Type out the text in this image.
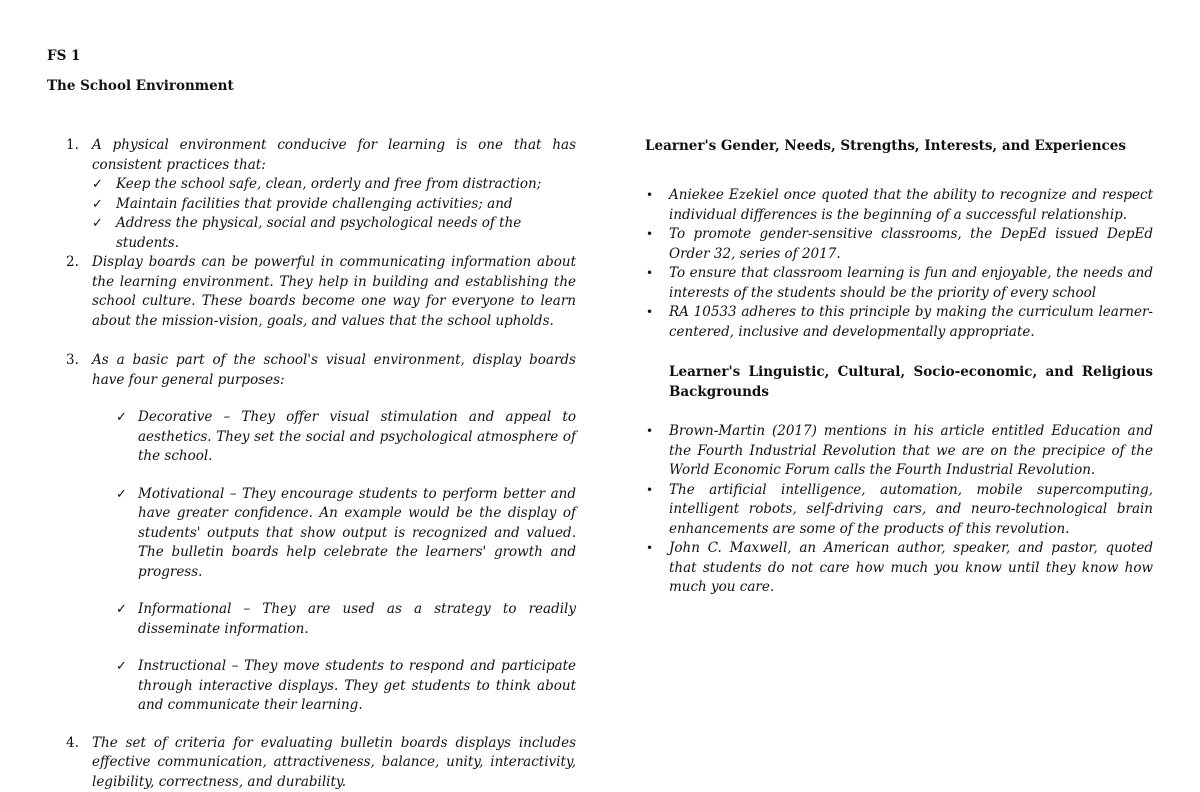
FS 1
The School Environment
1. A physical environment conducive for learning is one that has consistent practices that:
✓ Keep the school safe, clean, orderly and free from distraction;
✓ Maintain facilities that provide challenging activities; and
✓ Address the physical, social and psychological needs of the students.
2. Display boards can be powerful in communicating information about the learning environment. They help in building and establishing the school culture. These boards become one way for everyone to learn about the mission-vision, goals, and values that the school upholds.
3. As a basic part of the school's visual environment, display boards have four general purposes:
✓ Decorative – They offer visual stimulation and appeal to aesthetics. They set the social and psychological atmosphere of the school.
✓ Motivational – They encourage students to perform better and have greater confidence. An example would be the display of students' outputs that show output is recognized and valued. The bulletin boards help celebrate the learners' growth and progress.
✓ Informational – They are used as a strategy to readily disseminate information.
✓ Instructional – They move students to respond and participate through interactive displays. They get students to think about and communicate their learning.
4. The set of criteria for evaluating bulletin boards displays includes effective communication, attractiveness, balance, unity, interactivity, legibility, correctness, and durability.
Learner's Gender, Needs, Strengths, Interests, and Experiences
• Aniekee Ezekiel once quoted that the ability to recognize and respect individual differences is the beginning of a successful relationship.
• To promote gender-sensitive classrooms, the DepEd issued DepEd Order 32, series of 2017.
• To ensure that classroom learning is fun and enjoyable, the needs and interests of the students should be the priority of every school
• RA 10533 adheres to this principle by making the curriculum learner-centered, inclusive and developmentally appropriate.
Learner's Linguistic, Cultural, Socio-economic, and Religious Backgrounds
• Brown-Martin (2017) mentions in his article entitled Education and the Fourth Industrial Revolution that we are on the precipice of the World Economic Forum calls the Fourth Industrial Revolution.
• The artificial intelligence, automation, mobile supercomputing, intelligent robots, self-driving cars, and neuro-technological brain enhancements are some of the products of this revolution.
• John C. Maxwell, an American author, speaker, and pastor, quoted that students do not care how much you know until they know how much you care.
